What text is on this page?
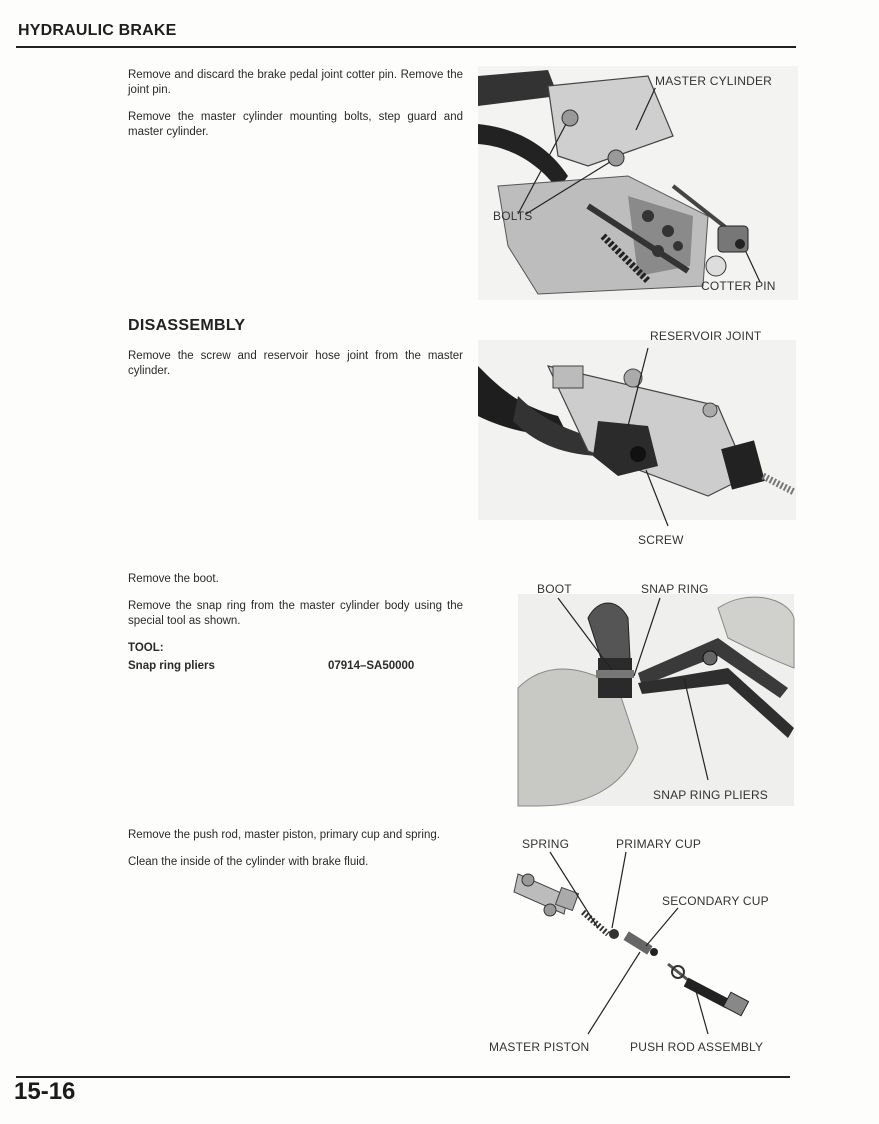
HYDRAULIC BRAKE

Remove and discard the brake pedal joint cotter pin. Remove the joint pin.

Remove the master cylinder mounting bolts, step guard and master cylinder.

MASTER CYLINDER
BOLTS
COTTER PIN
DISASSEMBLY

Remove the screw and reservoir hose joint from the master cylinder.

RESERVOIR JOINT
SCREW

Remove the boot.

Remove the snap ring from the master cylinder body using the special tool as shown.

TOOL:
Snap ring pliers	07914–SA50000
BOOT	SNAP RING
SNAP RING PLIERS

Remove the push rod, master piston, primary cup and spring.

Clean the inside of the cylinder with brake fluid.

SPRING	PRIMARY CUP
SECONDARY CUP
MASTER PISTON	PUSH ROD ASSEMBLY
15-16
